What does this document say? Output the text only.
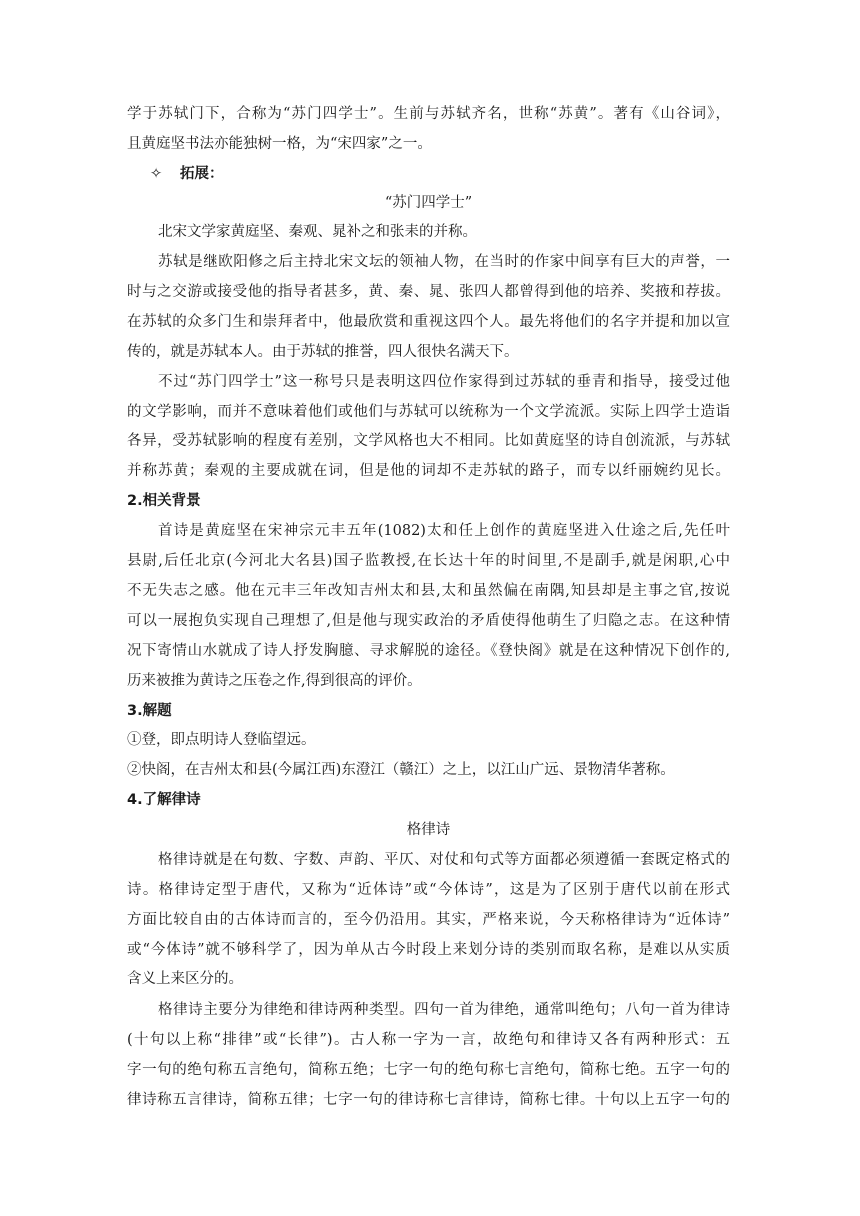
学于苏轼门下，合称为“苏门四学士”。生前与苏轼齐名，世称“苏黄”。著有《山谷词》，
且黄庭坚书法亦能独树一格，为“宋四家”之一。
✧ 拓展：
“苏门四学士”
北宋文学家黄庭坚、秦观、晁补之和张耒的并称。
苏轼是继欧阳修之后主持北宋文坛的领袖人物，在当时的作家中间享有巨大的声誉，一
时与之交游或接受他的指导者甚多，黄、秦、晁、张四人都曾得到他的培养、奖掖和荐拔。
在苏轼的众多门生和崇拜者中，他最欣赏和重视这四个人。最先将他们的名字并提和加以宣
传的，就是苏轼本人。由于苏轼的推誉，四人很快名满天下。
不过“苏门四学士”这一称号只是表明这四位作家得到过苏轼的垂青和指导，接受过他
的文学影响，而并不意味着他们或他们与苏轼可以统称为一个文学流派。实际上四学士造诣
各异，受苏轼影响的程度有差别，文学风格也大不相同。比如黄庭坚的诗自创流派，与苏轼
并称苏黄；秦观的主要成就在词，但是他的词却不走苏轼的路子，而专以纤丽婉约见长。
2.相关背景
首诗是黄庭坚在宋神宗元丰五年(1082)太和任上创作的黄庭坚进入仕途之后,先任叶
县尉,后任北京(今河北大名县)国子监教授,在长达十年的时间里,不是副手,就是闲职,心中
不无失志之感。他在元丰三年改知吉州太和县,太和虽然偏在南隅,知县却是主事之官,按说
可以一展抱负实现自己理想了,但是他与现实政治的矛盾使得他萌生了归隐之志。在这种情
况下寄情山水就成了诗人抒发胸臆、寻求解脱的途径。《登快阁》就是在这种情况下创作的,
历来被推为黄诗之压卷之作,得到很高的评价。
3.解题
①登，即点明诗人登临望远。
②快阁，在吉州太和县(今属江西)东澄江（赣江）之上，以江山广远、景物清华著称。
4.了解律诗
格律诗
格律诗就是在句数、字数、声韵、平仄、对仗和句式等方面都必须遵循一套既定格式的
诗。格律诗定型于唐代，又称为“近体诗”或“今体诗”，这是为了区别于唐代以前在形式
方面比较自由的古体诗而言的，至今仍沿用。其实，严格来说，今天称格律诗为“近体诗”
或“今体诗”就不够科学了，因为单从古今时段上来划分诗的类别而取名称，是难以从实质
含义上来区分的。
格律诗主要分为律绝和律诗两种类型。四句一首为律绝，通常叫绝句；八句一首为律诗
(十句以上称“排律”或“长律”)。古人称一字为一言，故绝句和律诗又各有两种形式：五
字一句的绝句称五言绝句，简称五绝；七字一句的绝句称七言绝句，简称七绝。五字一句的
律诗称五言律诗，简称五律；七字一句的律诗称七言律诗，简称七律。十句以上五字一句的
